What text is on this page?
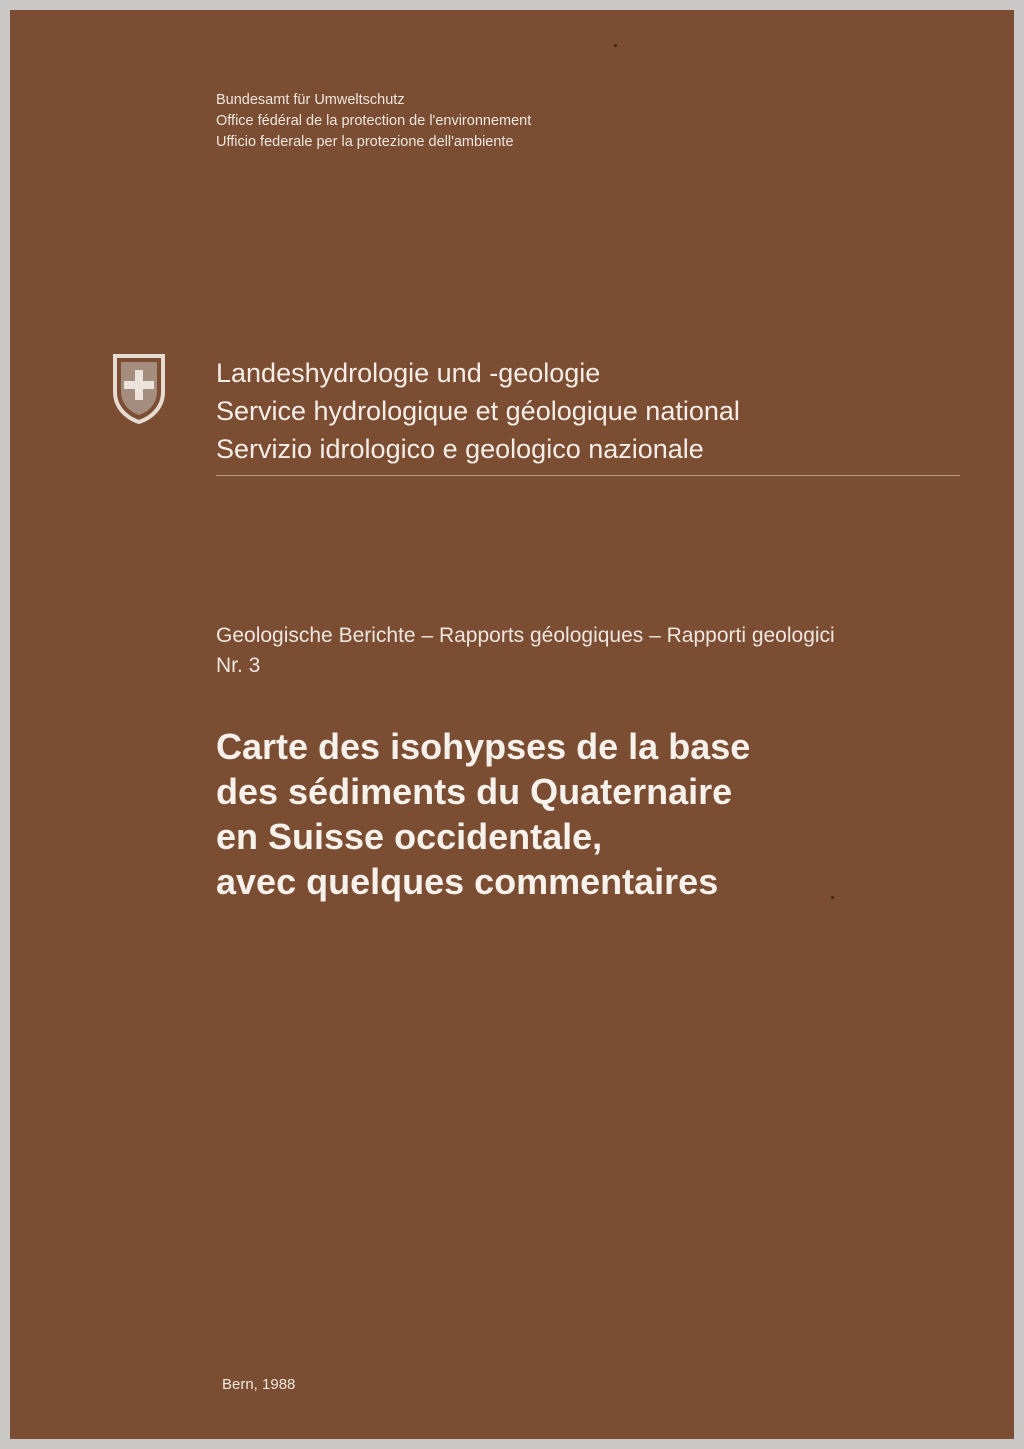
Bundesamt für Umweltschutz
Office fédéral de la protection de l'environnement
Ufficio federale per la protezione dell'ambiente
Landeshydrologie und -geologie
Service hydrologique et géologique national
Servizio idrologico e geologico nazionale
Geologische Berichte – Rapports géologiques – Rapporti geologici
Nr. 3
Carte des isohypses de la base
des sédiments du Quaternaire
en Suisse occidentale,
avec quelques commentaires
Bern, 1988
